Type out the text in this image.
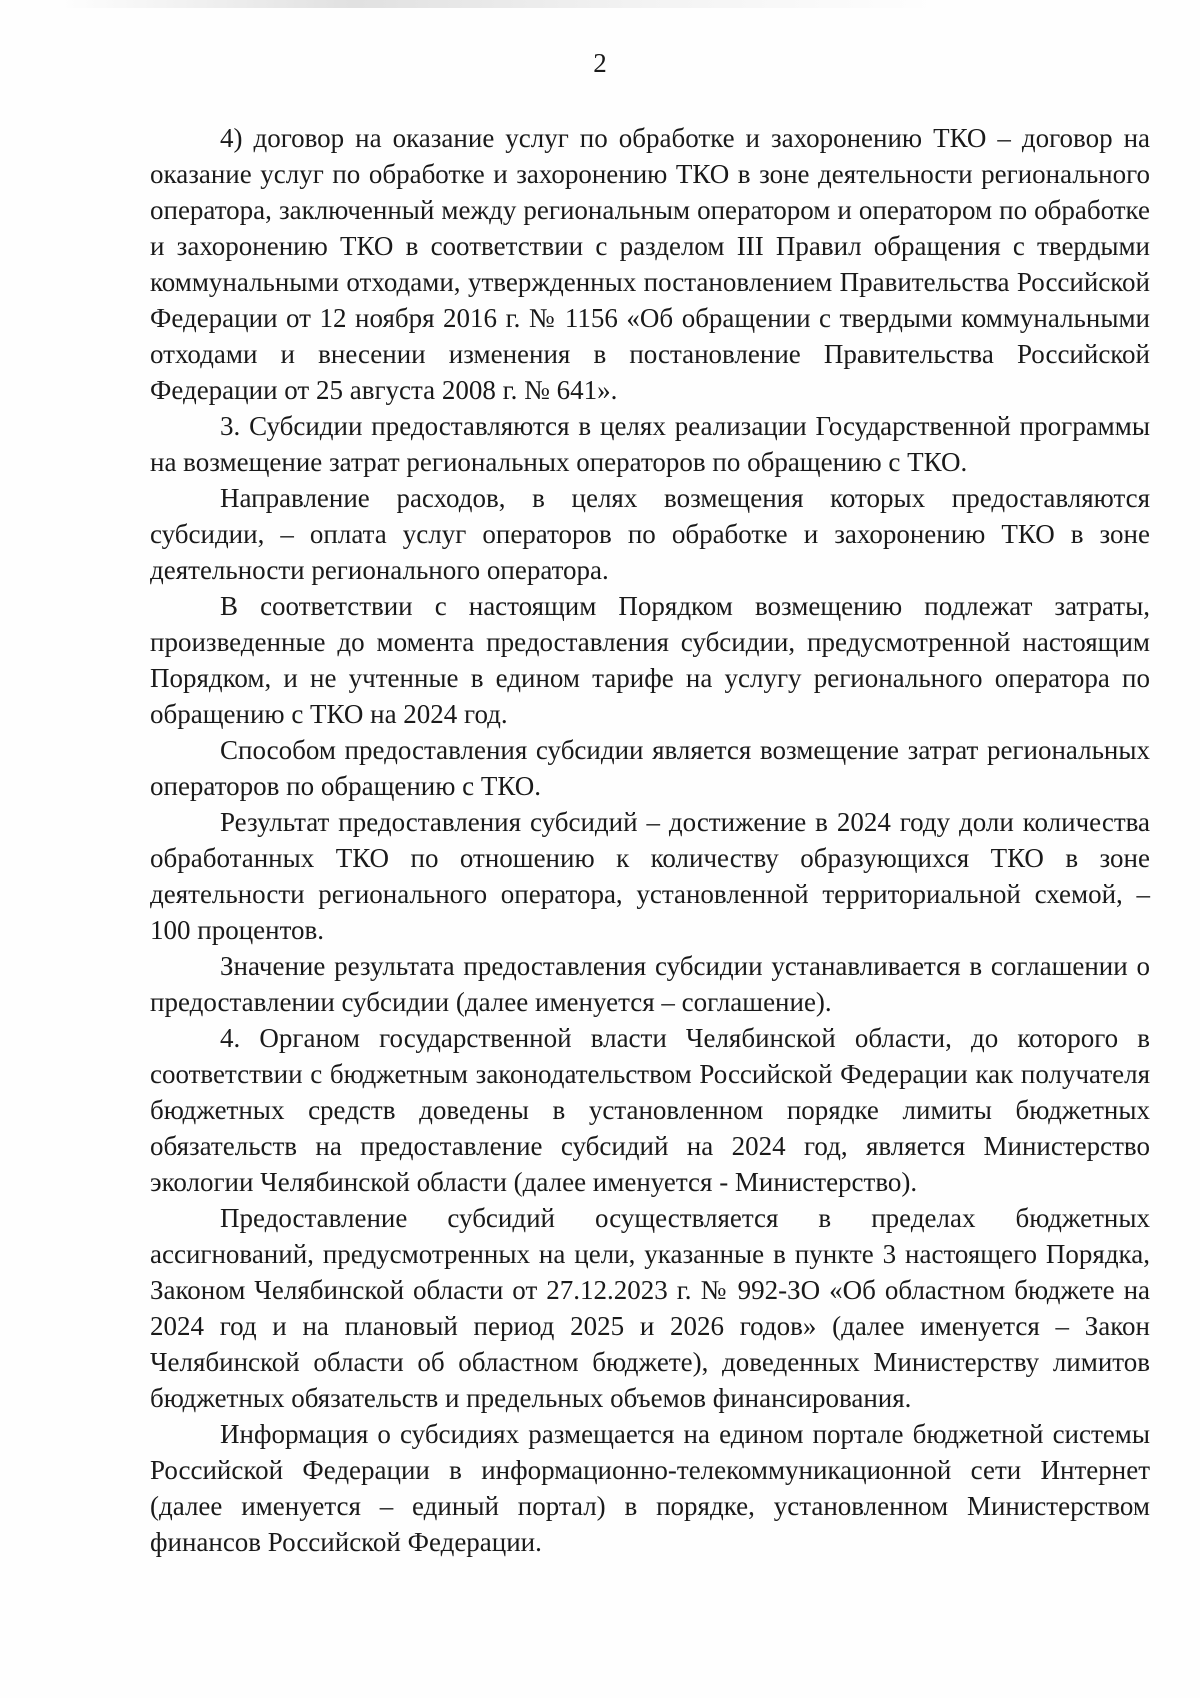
2

4) договор на оказание услуг по обработке и захоронению ТКО – договор на оказание услуг по обработке и захоронению ТКО в зоне деятельности регионального оператора, заключенный между региональным оператором и оператором по обработке и захоронению ТКО в соответствии с разделом III Правил обращения с твердыми коммунальными отходами, утвержденных постановлением Правительства Российской Федерации от 12 ноября 2016 г. № 1156 «Об обращении с твердыми коммунальными отходами и внесении изменения в постановление Правительства Российской Федерации от 25 августа 2008 г. № 641».

3. Субсидии предоставляются в целях реализации Государственной программы на возмещение затрат региональных операторов по обращению с ТКО.

Направление расходов, в целях возмещения которых предоставляются субсидии, – оплата услуг операторов по обработке и захоронению ТКО в зоне деятельности регионального оператора.

В соответствии с настоящим Порядком возмещению подлежат затраты, произведенные до момента предоставления субсидии, предусмотренной настоящим Порядком, и не учтенные в едином тарифе на услугу регионального оператора по обращению с ТКО на 2024 год.

Способом предоставления субсидии является возмещение затрат региональных операторов по обращению с ТКО.

Результат предоставления субсидий – достижение в 2024 году доли количества обработанных ТКО по отношению к количеству образующихся ТКО в зоне деятельности регионального оператора, установленной территориальной схемой, – 100 процентов.

Значение результата предоставления субсидии устанавливается в соглашении о предоставлении субсидии (далее именуется – соглашение).

4. Органом государственной власти Челябинской области, до которого в соответствии с бюджетным законодательством Российской Федерации как получателя бюджетных средств доведены в установленном порядке лимиты бюджетных обязательств на предоставление субсидий на 2024 год, является Министерство экологии Челябинской области (далее именуется - Министерство).

Предоставление субсидий осуществляется в пределах бюджетных ассигнований, предусмотренных на цели, указанные в пункте 3 настоящего Порядка, Законом Челябинской области от 27.12.2023 г. № 992-ЗО «Об областном бюджете на 2024 год и на плановый период 2025 и 2026 годов» (далее именуется – Закон Челябинской области об областном бюджете), доведенных Министерству лимитов бюджетных обязательств и предельных объемов финансирования.

Информация о субсидиях размещается на едином портале бюджетной системы Российской Федерации в информационно-телекоммуникационной сети Интернет (далее именуется – единый портал) в порядке, установленном Министерством финансов Российской Федерации.
